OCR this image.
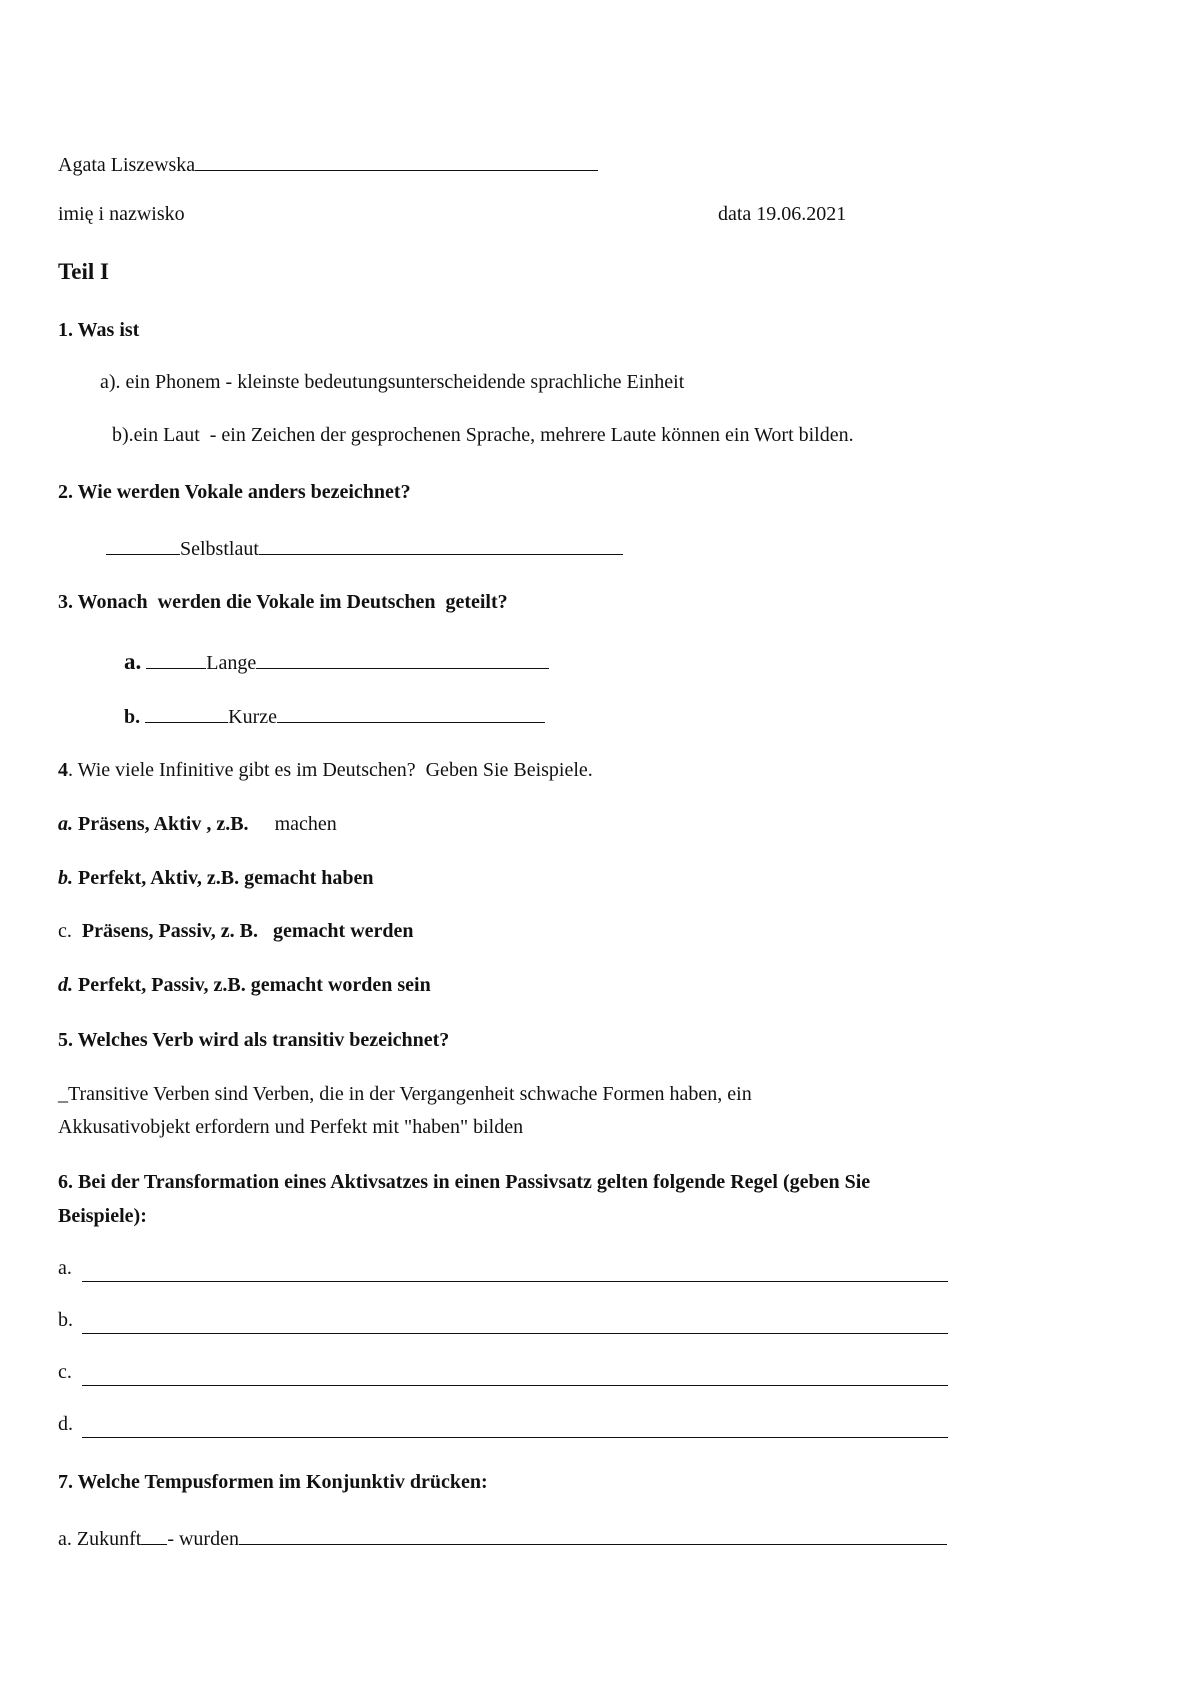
Agata Liszewska
imię i nazwisko	data 19.06.2021
Teil I
1. Was ist
a). ein Phonem - kleinste bedeutungsunterscheidende sprachliche Einheit
b).ein Laut  - ein Zeichen der gesprochenen Sprache, mehrere Laute können ein Wort bilden.
2. Wie werden Vokale anders bezeichnet?
Selbstlaut
3. Wonach  werden die Vokale im Deutschen  geteilt?
a.	Lange
b.	Kurze
4. Wie viele Infinitive gibt es im Deutschen?  Geben Sie Beispiele.
a. Präsens, Aktiv , z.B. machen
b. Perfekt, Aktiv, z.B. gemacht haben
c.  Präsens, Passiv, z. B.   gemacht werden
d. Perfekt, Passiv, z.B. gemacht worden sein
5. Welches Verb wird als transitiv bezeichnet?
_Transitive Verben sind Verben, die in der Vergangenheit schwache Formen haben, ein
Akkusativobjekt erfordern und Perfekt mit "haben" bilden
6. Bei der Transformation eines Aktivsatzes in einen Passivsatz gelten folgende Regel (geben Sie
Beispiele):
a.
b.
c.
d.
7. Welche Tempusformen im Konjunktiv drücken:
a. Zukunft - wurden
